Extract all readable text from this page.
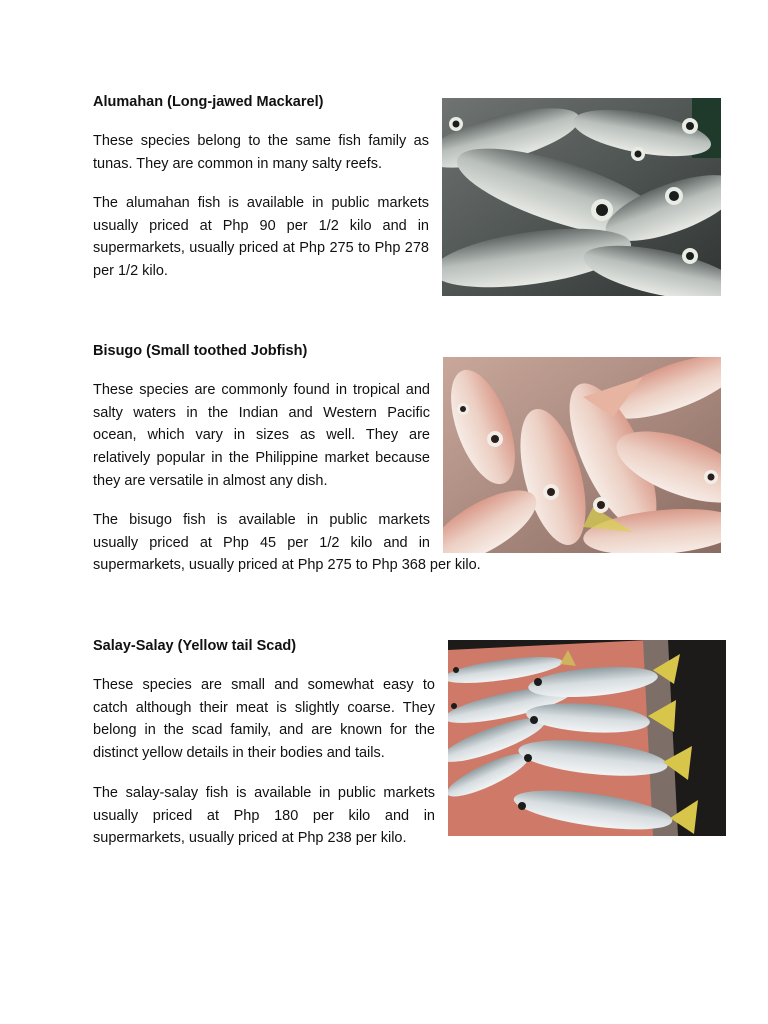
Alumahan (Long-jawed Mackarel)

These species belong to the same fish family as tunas. They are common in many salty reefs.

The alumahan fish is available in public markets usually priced at Php 90 per 1/2 kilo and in supermarkets, usually priced at Php 275 to Php 278 per 1/2 kilo.

Bisugo (Small toothed Jobfish)

These species are commonly found in tropical and salty waters in the Indian and Western Pacific ocean, which vary in sizes as well. They are relatively popular in the Philippine market because they are versatile in almost any dish.

The bisugo fish is available in public markets
usually priced at Php 45 per 1/2 kilo and in
supermarkets, usually priced at Php 275 to Php 368 per kilo.
Salay-Salay (Yellow tail Scad)

These species are small and somewhat easy to catch although their meat is slightly coarse. They belong in the scad family, and are known for the distinct yellow details in their bodies and tails.

The salay-salay fish is available in public markets usually priced at Php 180 per kilo and in supermarkets, usually priced at Php 238 per kilo.
